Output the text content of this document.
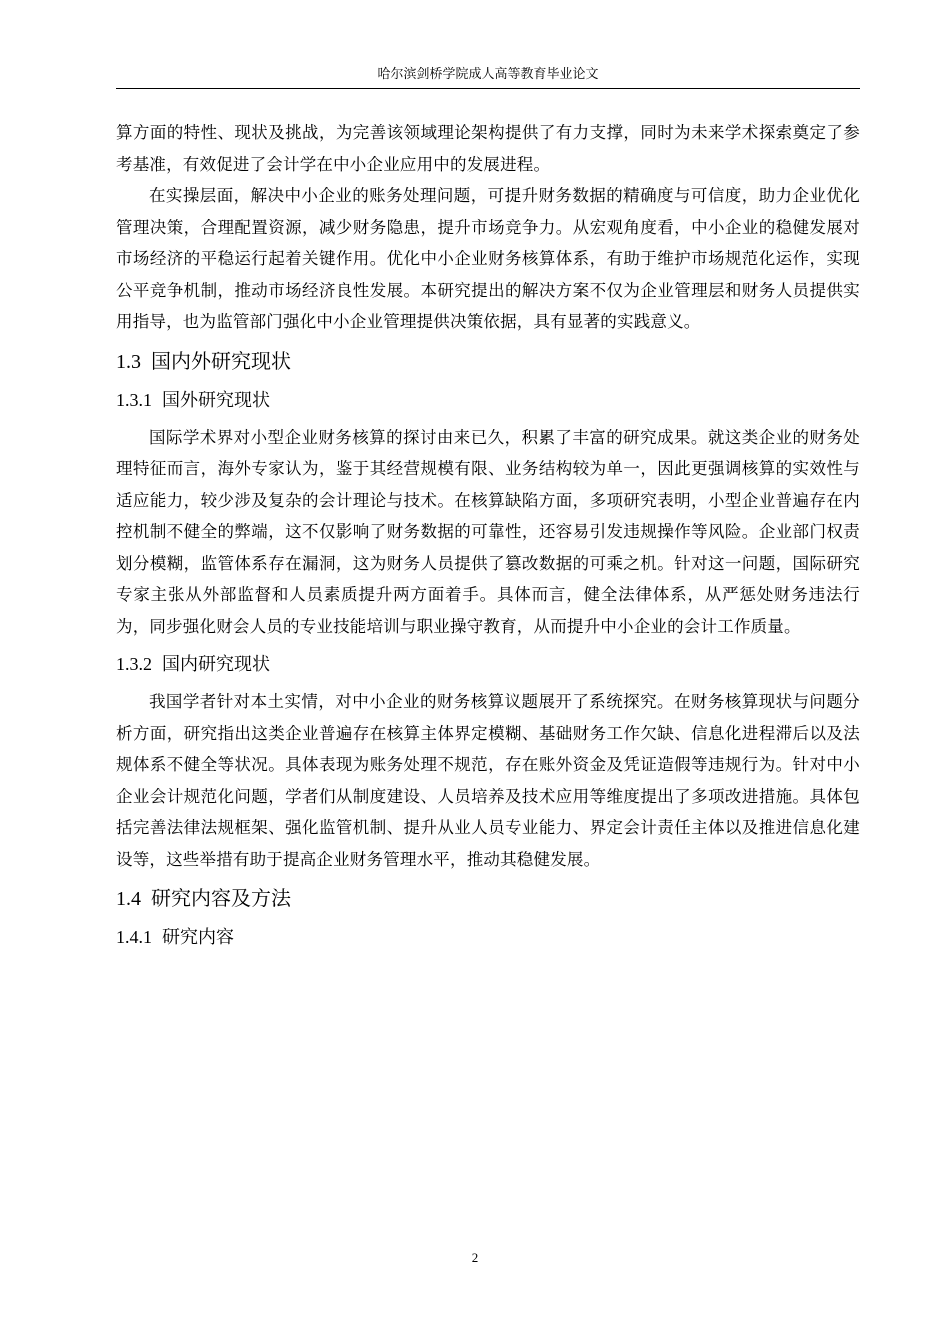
哈尔滨剑桥学院成人高等教育毕业论文

算方面的特性、现状及挑战，为完善该领域理论架构提供了有力支撑，同时为未来学术探索奠定了参考基准，有效促进了会计学在中小企业应用中的发展进程。

在实操层面，解决中小企业的账务处理问题，可提升财务数据的精确度与可信度，助力企业优化管理决策，合理配置资源，减少财务隐患，提升市场竞争力。从宏观角度看，中小企业的稳健发展对市场经济的平稳运行起着关键作用。优化中小企业财务核算体系，有助于维护市场规范化运作，实现公平竞争机制，推动市场经济良性发展。本研究提出的解决方案不仅为企业管理层和财务人员提供实用指导，也为监管部门强化中小企业管理提供决策依据，具有显著的实践意义。

1.3 国内外研究现状
1.3.1 国外研究现状

国际学术界对小型企业财务核算的探讨由来已久，积累了丰富的研究成果。就这类企业的财务处理特征而言，海外专家认为，鉴于其经营规模有限、业务结构较为单一，因此更强调核算的实效性与适应能力，较少涉及复杂的会计理论与技术。在核算缺陷方面，多项研究表明，小型企业普遍存在内控机制不健全的弊端，这不仅影响了财务数据的可靠性，还容易引发违规操作等风险。企业部门权责划分模糊，监管体系存在漏洞，这为财务人员提供了篡改数据的可乘之机。针对这一问题，国际研究专家主张从外部监督和人员素质提升两方面着手。具体而言，健全法律体系，从严惩处财务违法行为，同步强化财会人员的专业技能培训与职业操守教育，从而提升中小企业的会计工作质量。

1.3.2 国内研究现状

我国学者针对本土实情，对中小企业的财务核算议题展开了系统探究。在财务核算现状与问题分析方面，研究指出这类企业普遍存在核算主体界定模糊、基础财务工作欠缺、信息化进程滞后以及法规体系不健全等状况。具体表现为账务处理不规范，存在账外资金及凭证造假等违规行为。针对中小企业会计规范化问题，学者们从制度建设、人员培养及技术应用等维度提出了多项改进措施。具体包括完善法律法规框架、强化监管机制、提升从业人员专业能力、界定会计责任主体以及推进信息化建设等，这些举措有助于提高企业财务管理水平，推动其稳健发展。

1.4 研究内容及方法
1.4.1 研究内容
2
